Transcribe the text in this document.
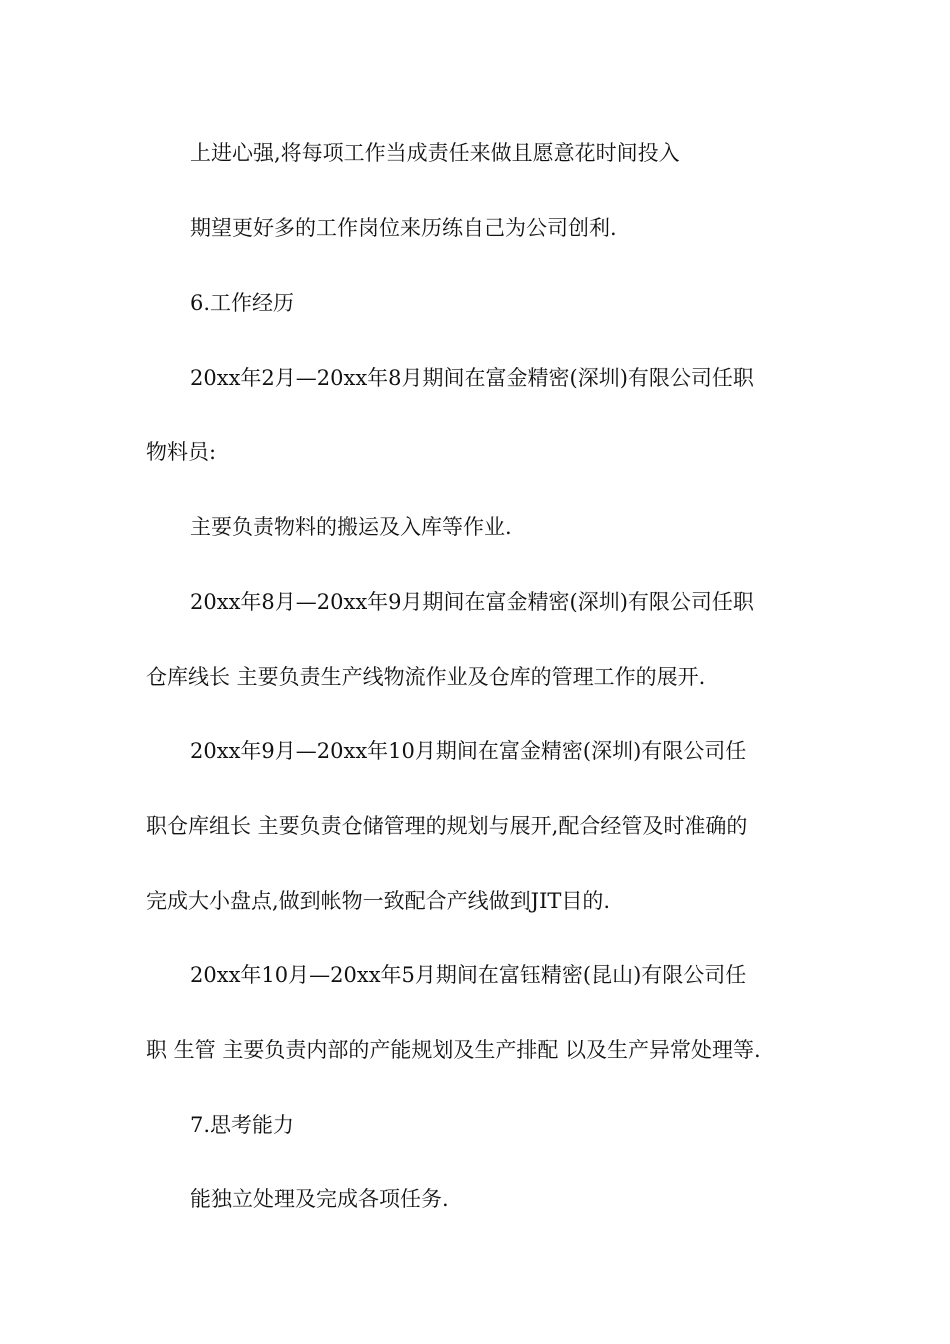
上进心强,将每项工作当成责任来做且愿意花时间投入
期望更好多的工作岗位来历练自己为公司创利.
6.工作经历
20xx年2月—20xx年8月期间在富金精密(深圳)有限公司任职
物料员:
主要负责物料的搬运及入库等作业.
20xx年8月—20xx年9月期间在富金精密(深圳)有限公司任职
仓库线长 主要负责生产线物流作业及仓库的管理工作的展开.
20xx年9月—20xx年10月期间在富金精密(深圳)有限公司任
职仓库组长 主要负责仓储管理的规划与展开,配合经管及时准确的
完成大小盘点,做到帐物一致配合产线做到JIT目的.
20xx年10月—20xx年5月期间在富钰精密(昆山)有限公司任
职 生管 主要负责内部的产能规划及生产排配 以及生产异常处理等.
7.思考能力
能独立处理及完成各项任务.
